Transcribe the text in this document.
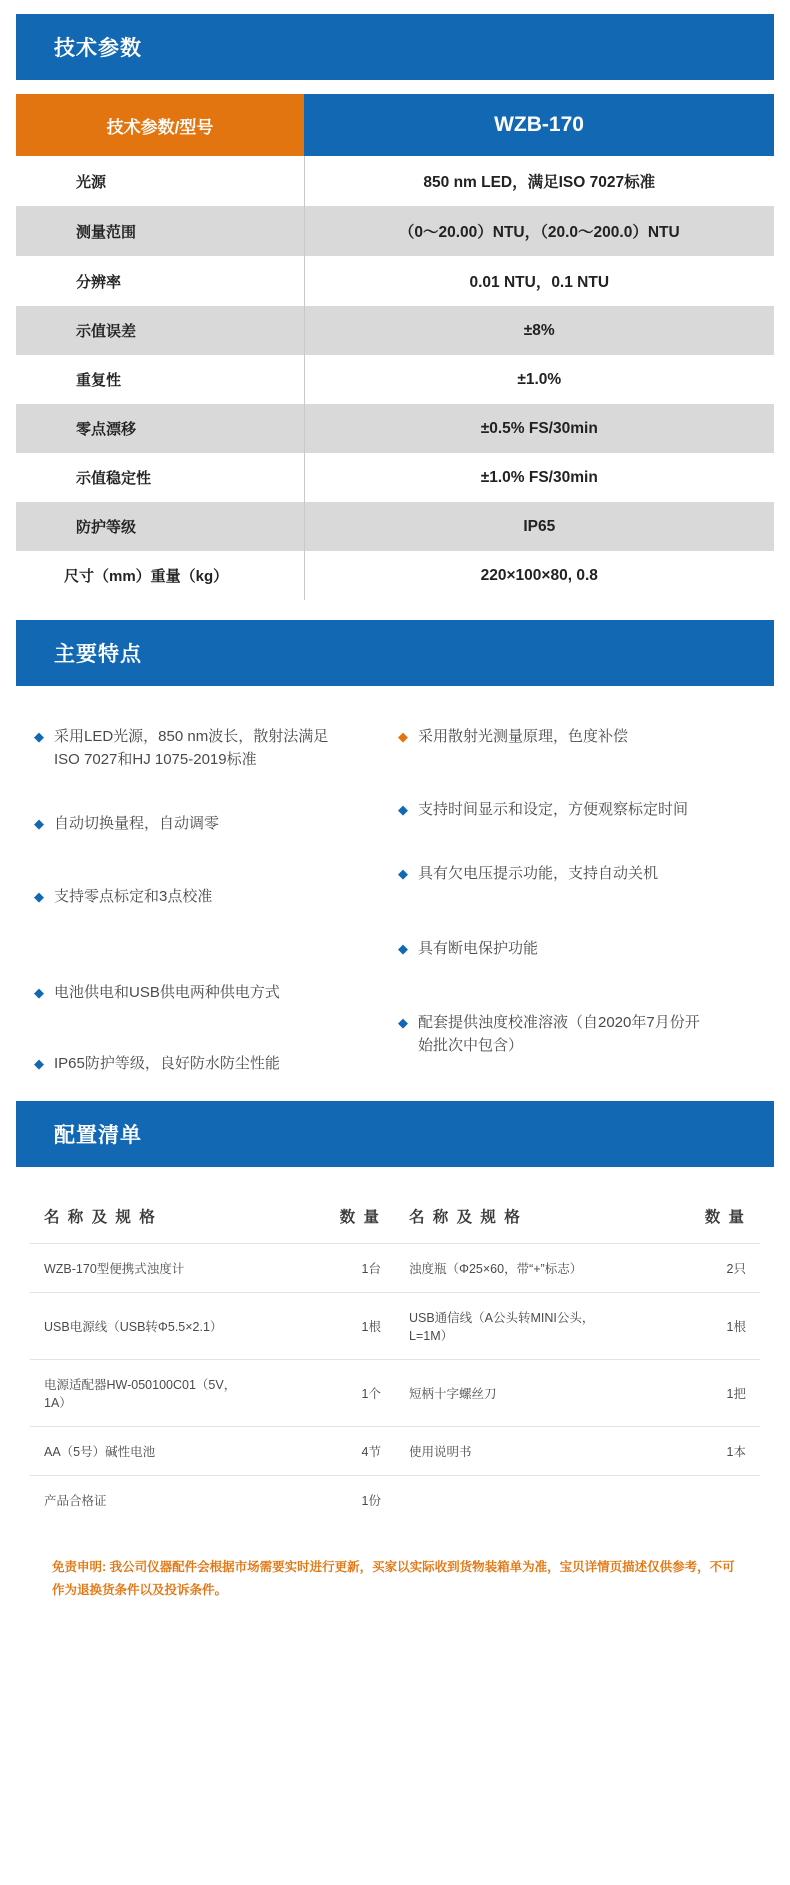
技术参数
技术参数/型号	WZB-170
光源	850 nm LED，满足ISO 7027标准
测量范围	（0～20.00）NTU，（20.0～200.0）NTU
分辨率	0.01 NTU，0.1 NTU
示值误差	±8%
重复性	±1.0%
零点漂移	±0.5% FS/30min
示值稳定性	±1.0% FS/30min
防护等级	IP65
尺寸（mm）重量（kg）	220×100×80, 0.8
主要特点
◆ 采用LED光源，850 nm波长，散射法满足ISO 7027和HJ 1075-2019标准
◆ 自动切换量程，自动调零
◆ 支持零点标定和3点校准
◆ 电池供电和USB供电两种供电方式
◆ IP65防护等级，良好防水防尘性能
◆ 采用散射光测量原理，色度补偿
◆ 支持时间显示和设定，方便观察标定时间
◆ 具有欠电压提示功能，支持自动关机
◆ 具有断电保护功能
◆ 配套提供浊度校准溶液（自2020年7月份开始批次中包含）
配置清单
名 称 及 规 格	数 量	名 称 及 规 格	数 量
WZB-170型便携式浊度计	1台	浊度瓶（Φ25×60，带“+”标志）	2只
USB电源线（USB转Φ5.5×2.1）	1根	USB通信线（A公头转MINI公头，L=1M）	1根
电源适配器HW-050100C01（5V，1A）	1个	短柄十字螺丝刀	1把
AA（5号）碱性电池	4节	使用说明书	1本
产品合格证	1份		
免责申明: 我公司仪器配件会根据市场需要实时进行更新，买家以实际收到货物装箱单为准，宝贝详情页描述仅供参考，不可作为退换货条件以及投诉条件。
